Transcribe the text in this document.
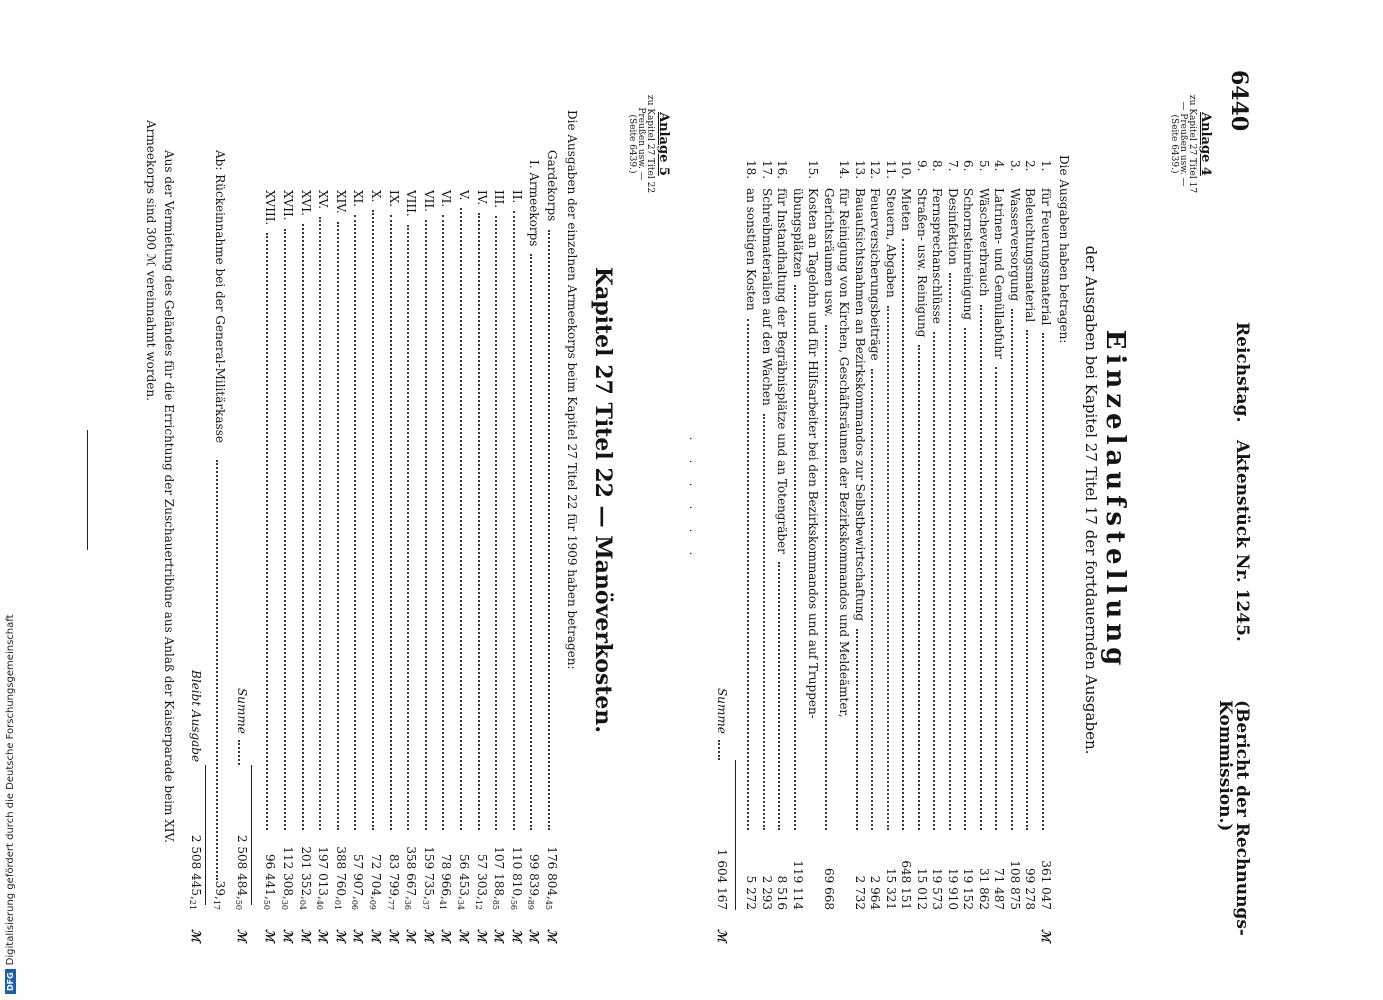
DFGDigitalisierung gefördert durch die Deutsche Forschungsgemeinschaft
6440
Reichstag.
Aktenstück Nr. 1245.
(Bericht der Rechnungs-Kommission.)
Anlage 4
zu Kapitel 27 Titel 17
— Preußen usw. —
(Seite 6439.)
Einzelaufstellung
der Ausgaben bei Kapitel 27 Titel 17 der fortdauernden Ausgaben.
Die Ausgaben haben betragen:
1.
für Feuerungsmaterial
361 047
ℳ
2.
Beleuchtungsmaterial
99 278
3.
Wasserversorgung
108 875
4.
Latrinen- und Gemüllabfuhr
71 487
5.
Wäscheverbrauch
31 862
6.
Schornsteinreinigung
19 152
7.
Desinfektion
19 910
8.
Fernsprechanschlüsse
19 573
9.
Straßen- usw. Reinigung
15 012
10.
Mieten
648 151
11.
Steuern, Abgaben
15 321
12.
Feuerversicherungsbeiträge
2 964
13.
Bauaufsichtsnahmen an Bezirkskommandos zur Selbstbewirtschaftung
2 732
14.
für Reinigung von Kirchen, Geschäftsräumen der Bezirkskommandos und Meldeämter,
Gerichtsräumen usw.
69 668
15.
Kosten an Tagelohn und für Hilfsarbeiter bei den Bezirkskommandos und auf Truppen-
übungsplätzen
119 114
16.
für Instandhaltung der Begräbnisplätze und an Totengräber
8 516
17.
Schreibmaterialien auf den Wachen
2 293
18.
an sonstigen Kosten
5 272
Summe
1 604 167
ℳ
· · · · · ·
Anlage 5
zu Kapitel 27 Titel 22
Preußen usw. —
(Seite 6439.)
Kapitel 27 Titel 22 — Manöverkosten.
Die Ausgaben der einzelnen Armeekorps beim Kapitel 27 Titel 22 für 1909 haben betragen:
Gardekorps
176 804,45
ℳ
I. Armeekorps
99 839,89
ℳ
II.
110 810,56
ℳ
III.
107 188,85
ℳ
IV.
57 303,12
ℳ
V.
56 453,34
ℳ
VI.
78 966,41
ℳ
VII.
159 735,37
ℳ
VIII.
358 667,36
ℳ
IX.
83 799,77
ℳ
X.
72 704,09
ℳ
XI.
57 907,06
ℳ
XIV.
388 760,01
ℳ
XV.
197 013,40
ℳ
XVI.
201 352,04
ℳ
XVII.
112 308,30
ℳ
XVIII.
96 441,50
ℳ
Summe
2 508 484,50
ℳ
Ab: Rückeinnahme bei der General-Militärkasse
39,17
Bleibt Ausgabe
2 508 445,21
ℳ
Aus der Vermietung des Geländes für die Errichtung der Zuschauertribüne aus Anlaß der Kaiserparade beim XIV. Armeekorps sind 300 ℳ vereinnahmt worden.
